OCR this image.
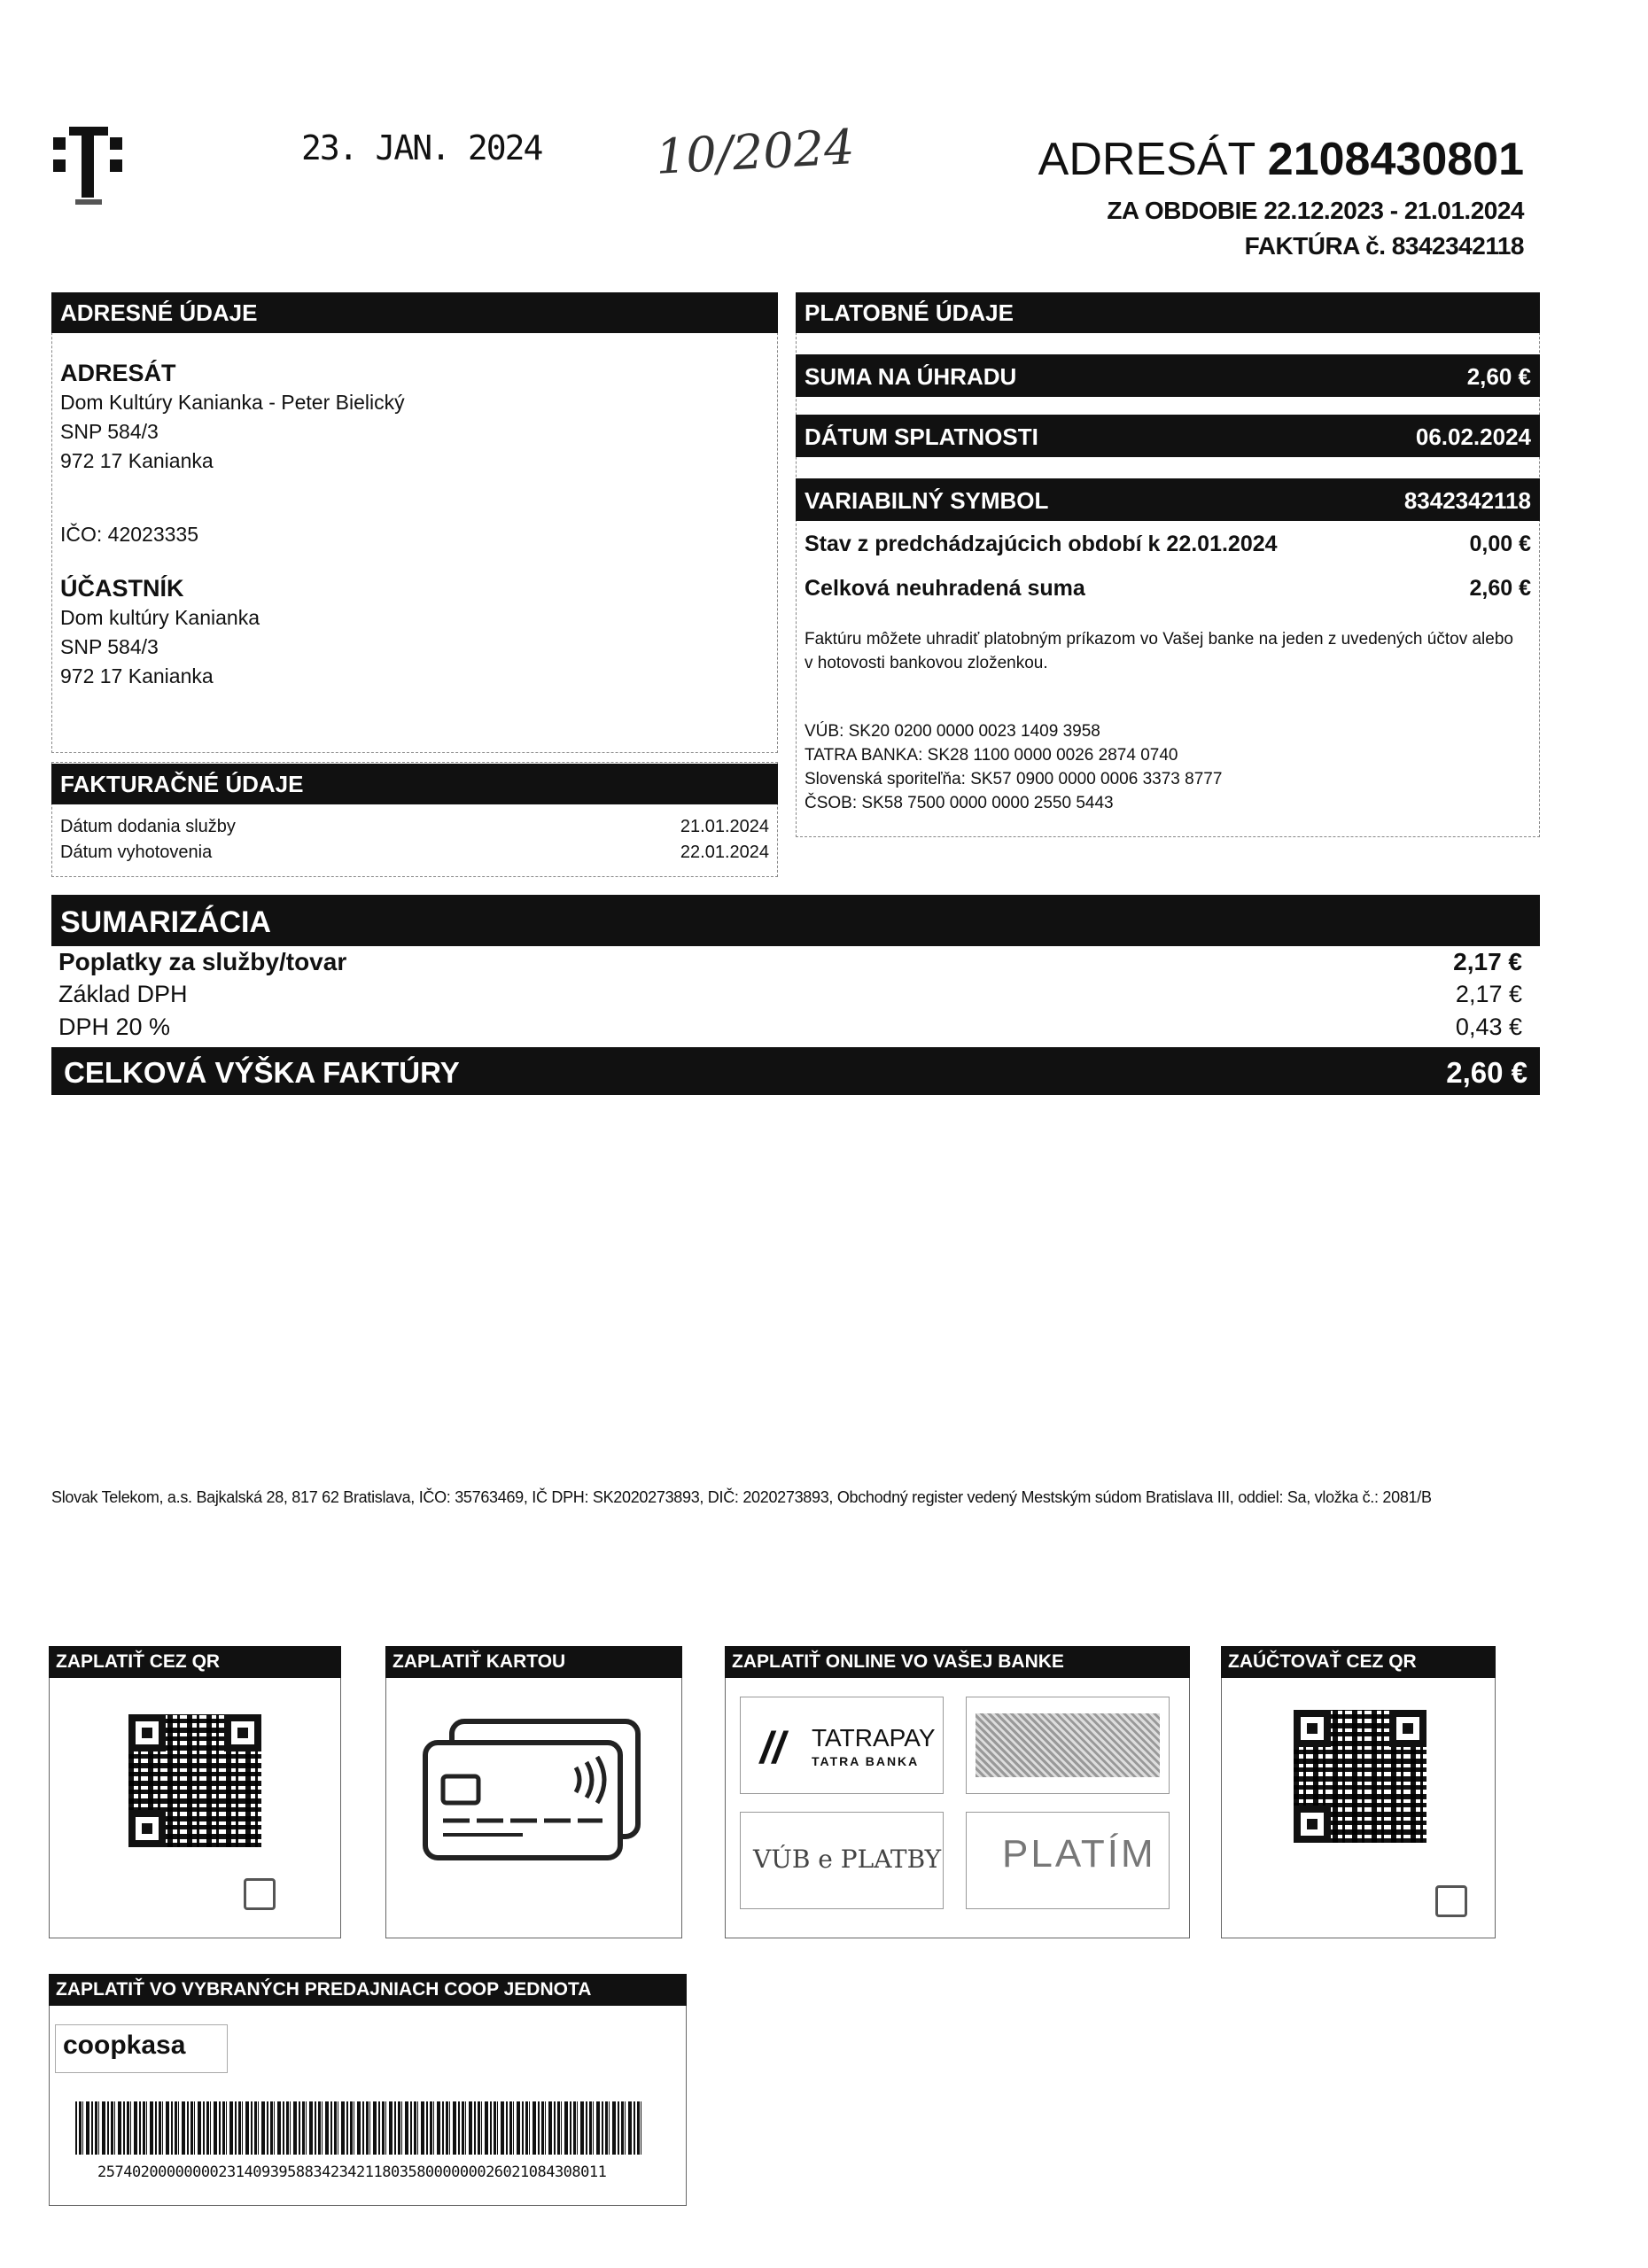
23. JAN. 2024 10/2024	ADRESÁT 2108430801
ZA OBDOBIE 22.12.2023 - 21.01.2024
FAKTÚRA č. 8342342118
ADRESNÉ ÚDAJE
ADRESÁT
Dom Kultúry Kanianka - Peter Bielický
SNP 584/3
972 17 Kanianka
IČO: 42023335
ÚČASTNÍK
Dom kultúry Kanianka
SNP 584/3
972 17 Kanianka
FAKTURAČNÉ ÚDAJE
Dátum dodania služby	21.01.2024
Dátum vyhotovenia	22.01.2024
PLATOBNÉ ÚDAJE
SUMA NA ÚHRADU	2,60 €
DÁTUM SPLATNOSTI	06.02.2024
VARIABILNÝ SYMBOL	8342342118
Stav z predchádzajúcich období k 22.01.2024	0,00 €
Celková neuhradená suma	2,60 €
Faktúru môžete uhradiť platobným príkazom vo Vašej banke na jeden z uvedených účtov alebo v hotovosti bankovou zloženkou.
VÚB: SK20 0200 0000 0023 1409 3958
TATRA BANKA: SK28 1100 0000 0026 2874 0740
Slovenská sporiteľňa: SK57 0900 0000 0006 3373 8777
ČSOB: SK58 7500 0000 0000 2550 5443
SUMARIZÁCIA
Poplatky za služby/tovar	2,17 €
Základ DPH	2,17 €
DPH 20 %	0,43 €
CELKOVÁ VÝŠKA FAKTÚRY	2,60 €
Slovak Telekom, a.s. Bajkalská 28, 817 62 Bratislava, IČO: 35763469, IČ DPH: SK2020273893, DIČ: 2020273893, Obchodný register vedený Mestským súdom Bratislava III, oddiel: Sa, vložka č.: 2081/B
ZAPLATIŤ CEZ QR	ZAPLATIŤ KARTOU	ZAPLATIŤ ONLINE VO VAŠEJ BANKE
// TATRAPAY
TATRA BANKA
VÚB e PLATBY PLATÍM
ZAÚČTOVAŤ CEZ QR
ZAPLATIŤ VO VYBRANÝCH PREDAJNIACH COOP JEDNOTA
coopkasa
25740200000000231409395883423421180358000000026021084308011
